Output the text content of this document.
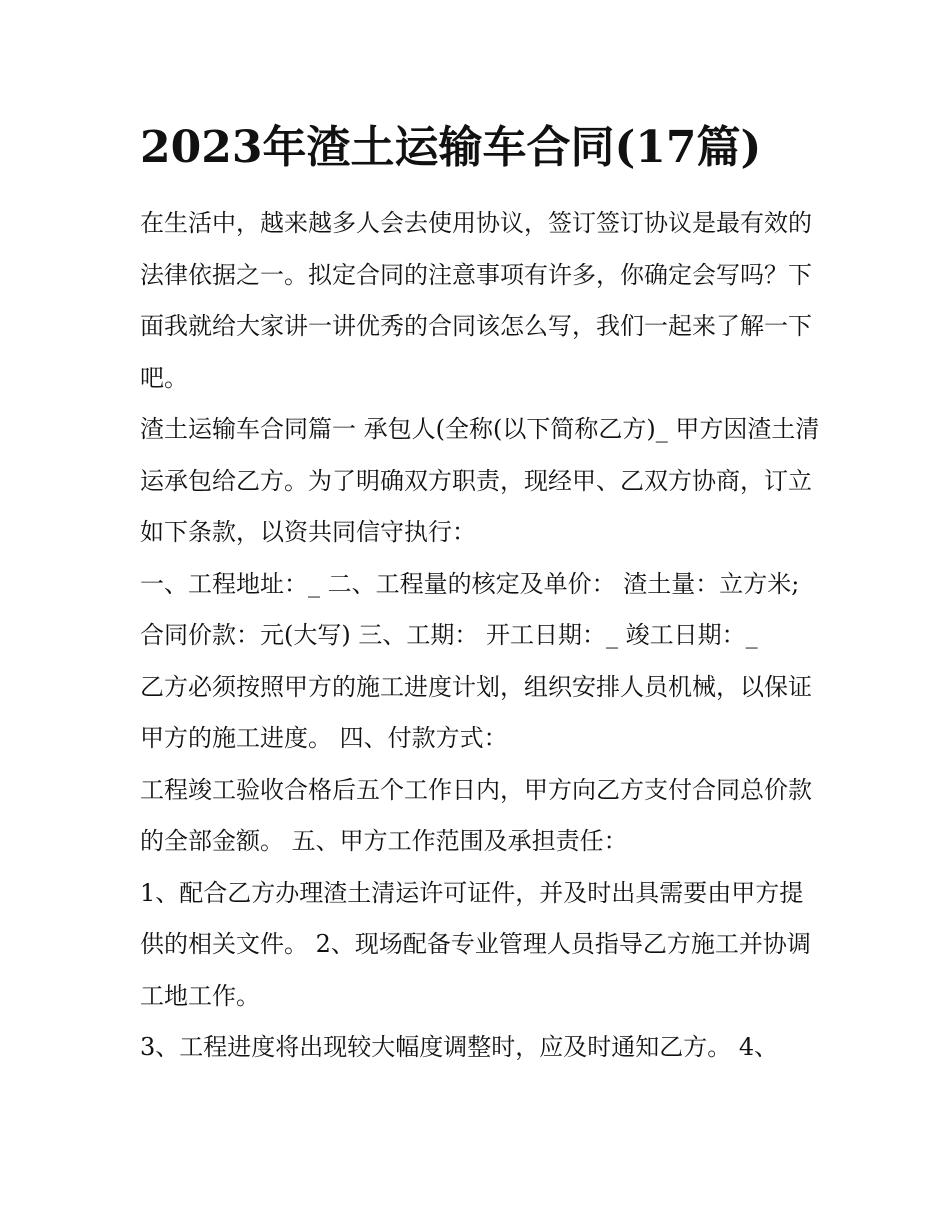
2023年渣土运输车合同(17篇)

在生活中，越来越多人会去使用协议，签订签订协议是最有效的法律依据之一。拟定合同的注意事项有许多，你确定会写吗？下面我就给大家讲一讲优秀的合同该怎么写，我们一起来了解一下吧。

渣土运输车合同篇一 承包人(全称(以下简称乙方)_ 甲方因渣土清运承包给乙方。为了明确双方职责，现经甲、乙双方协商，订立如下条款，以资共同信守执行：

一、工程地址：_ 二、工程量的核定及单价： 渣土量：立方米; 合同价款：元(大写) 三、工期： 开工日期：_ 竣工日期：_

乙方必须按照甲方的施工进度计划，组织安排人员机械，以保证甲方的施工进度。 四、付款方式：

工程竣工验收合格后五个工作日内，甲方向乙方支付合同总价款的全部金额。 五、甲方工作范围及承担责任：

1、配合乙方办理渣土清运许可证件，并及时出具需要由甲方提供的相关文件。 2、现场配备专业管理人员指导乙方施工并协调工地工作。

3、工程进度将出现较大幅度调整时，应及时通知乙方。 4、
